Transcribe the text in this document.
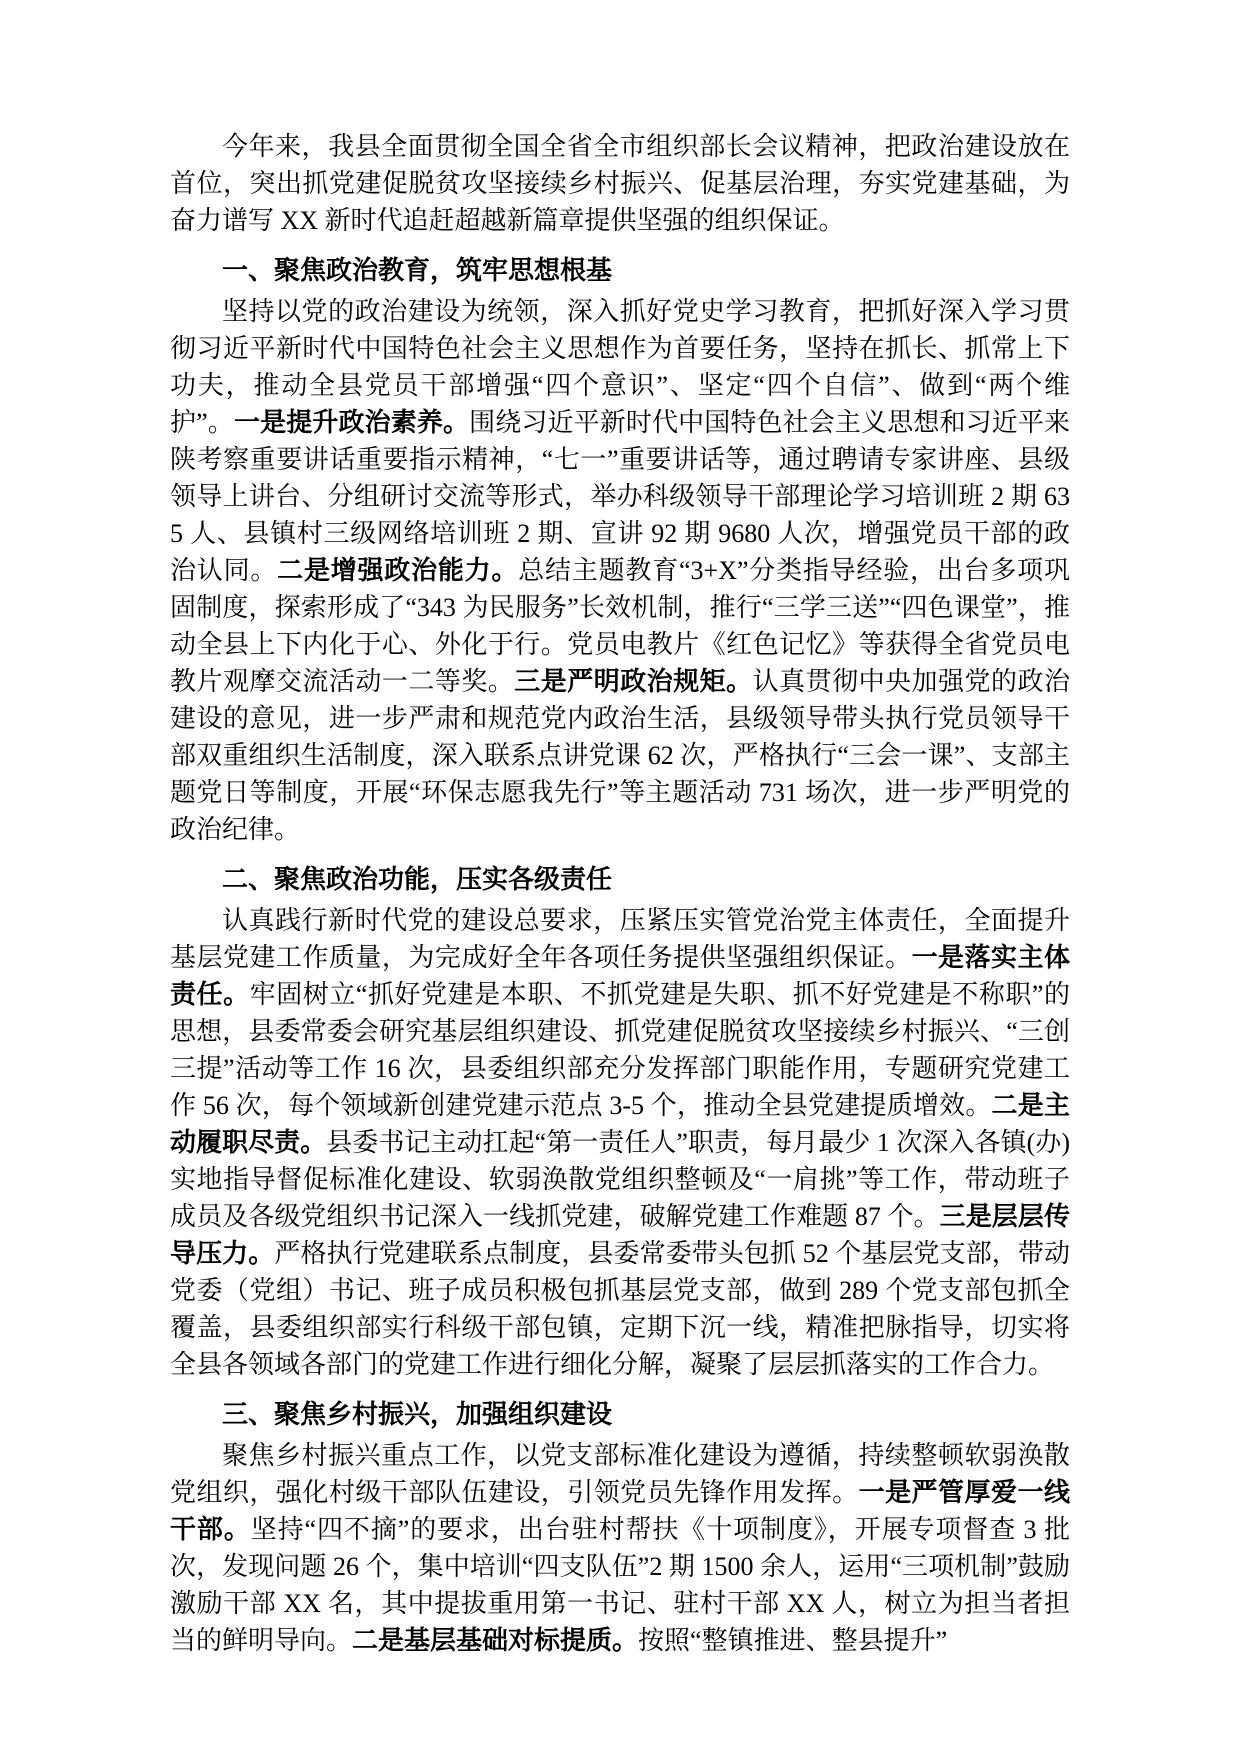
今年来，我县全面贯彻全国全省全市组织部长会议精神，把政治建设放在首位，突出抓党建促脱贫攻坚接续乡村振兴、促基层治理，夯实党建基础，为奋力谱写 XX 新时代追赶超越新篇章提供坚强的组织保证。

一、聚焦政治教育，筑牢思想根基

坚持以党的政治建设为统领，深入抓好党史学习教育，把抓好深入学习贯彻习近平新时代中国特色社会主义思想作为首要任务，坚持在抓长、抓常上下功夫，推动全县党员干部增强“四个意识”、坚定“四个自信”、做到“两个维护”。一是提升政治素养。围绕习近平新时代中国特色社会主义思想和习近平来陕考察重要讲话重要指示精神，“七一”重要讲话等，通过聘请专家讲座、县级领导上讲台、分组研讨交流等形式，举办科级领导干部理论学习培训班 2 期 635 人、县镇村三级网络培训班 2 期、宣讲 92 期 9680 人次，增强党员干部的政治认同。二是增强政治能力。总结主题教育“3+X”分类指导经验，出台多项巩固制度，探索形成了“343 为民服务”长效机制，推行“三学三送”“四色课堂”，推动全县上下内化于心、外化于行。党员电教片《红色记忆》等获得全省党员电教片观摩交流活动一二等奖。三是严明政治规矩。认真贯彻中央加强党的政治建设的意见，进一步严肃和规范党内政治生活，县级领导带头执行党员领导干部双重组织生活制度，深入联系点讲党课 62 次，严格执行“三会一课”、支部主题党日等制度，开展“环保志愿我先行”等主题活动 731 场次，进一步严明党的政治纪律。

二、聚焦政治功能，压实各级责任

认真践行新时代党的建设总要求，压紧压实管党治党主体责任，全面提升基层党建工作质量，为完成好全年各项任务提供坚强组织保证。一是落实主体责任。牢固树立“抓好党建是本职、不抓党建是失职、抓不好党建是不称职”的思想，县委常委会研究基层组织建设、抓党建促脱贫攻坚接续乡村振兴、“三创三提”活动等工作 16 次，县委组织部充分发挥部门职能作用，专题研究党建工作 56 次，每个领域新创建党建示范点 3-5 个，推动全县党建提质增效。二是主动履职尽责。县委书记主动扛起“第一责任人”职责，每月最少 1 次深入各镇(办)实地指导督促标准化建设、软弱涣散党组织整顿及“一肩挑”等工作，带动班子成员及各级党组织书记深入一线抓党建，破解党建工作难题 87 个。三是层层传导压力。严格执行党建联系点制度，县委常委带头包抓 52 个基层党支部，带动党委（党组）书记、班子成员积极包抓基层党支部，做到 289 个党支部包抓全覆盖，县委组织部实行科级干部包镇，定期下沉一线，精准把脉指导，切实将全县各领域各部门的党建工作进行细化分解，凝聚了层层抓落实的工作合力。

三、聚焦乡村振兴，加强组织建设

聚焦乡村振兴重点工作，以党支部标准化建设为遵循，持续整顿软弱涣散党组织，强化村级干部队伍建设，引领党员先锋作用发挥。一是严管厚爱一线干部。坚持“四不摘”的要求，出台驻村帮扶《十项制度》，开展专项督查 3 批次，发现问题 26 个，集中培训“四支队伍”2 期 1500 余人，运用“三项机制”鼓励激励干部 XX 名，其中提拔重用第一书记、驻村干部 XX 人，树立为担当者担当的鲜明导向。二是基层基础对标提质。按照“整镇推进、整县提升”
